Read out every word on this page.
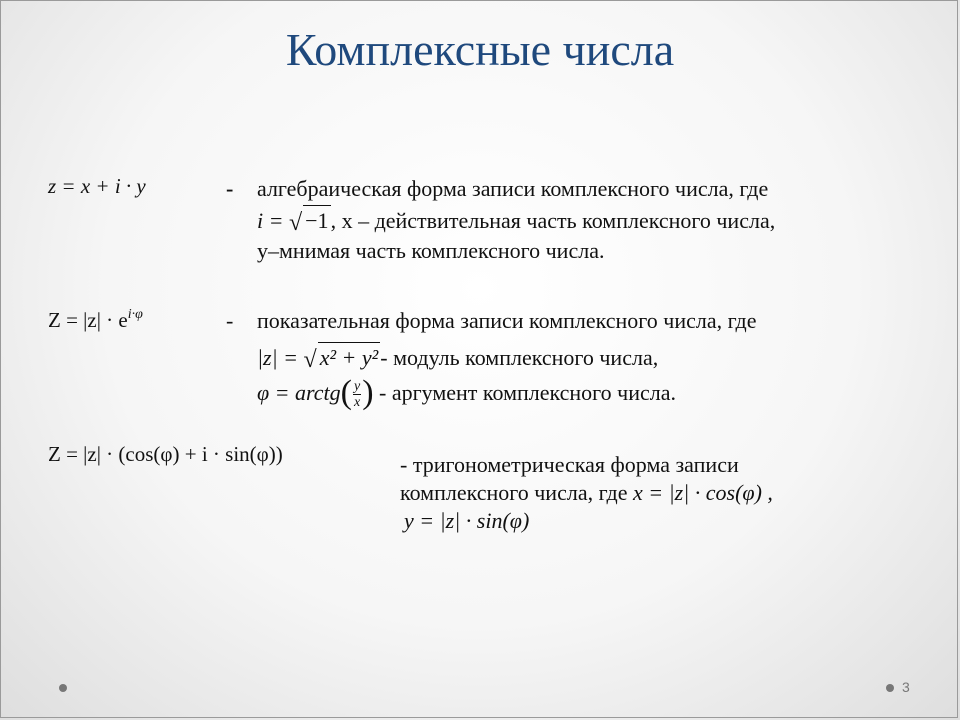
Комплексные числа
z = x + i · y	- алгебраическая форма записи комплексного числа, где
i = √ −1, x – действительная часть комплексного числа,
y–мнимая часть комплексного числа.
$Z = |z| \cdot e^{i\cdot\varphi}$	- показательная форма записи комплексного числа, где
|z| = √ x² + y²- модуль комплексного числа,
φ = arctg( $\frac{y}{x}$ ) - аргумент комплексного числа.
Z = |z| · (cos(φ) + i · sin(φ))	- тригонометрическая форма записи
комплексного числа, где x = |z| · cos(φ) ,
y = |z| · sin(φ)
3
